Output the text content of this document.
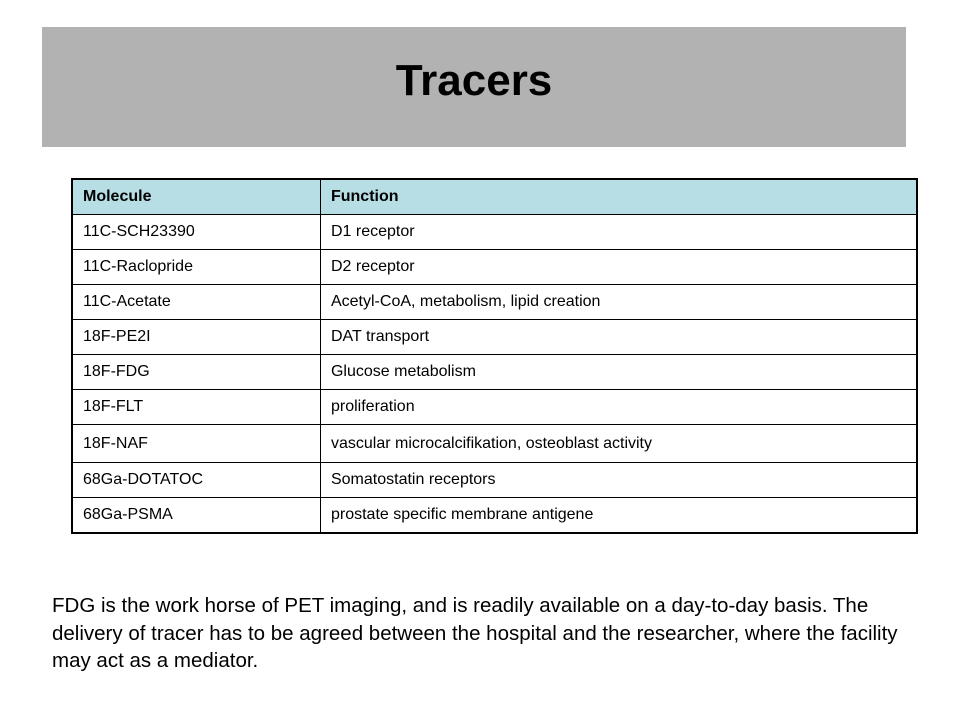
Tracers
Molecule	Function
11C-SCH23390	D1 receptor
11C-Raclopride	D2 receptor
11C-Acetate	Acetyl-CoA, metabolism, lipid creation
18F-PE2I	DAT transport
18F-FDG	Glucose metabolism
18F-FLT	proliferation
18F-NAF	vascular microcalcifikation, osteoblast activity
68Ga-DOTATOC	Somatostatin receptors
68Ga-PSMA	prostate specific membrane antigene

FDG is the work horse of PET imaging, and is readily available on a day-to-day basis. The delivery of tracer has to be agreed between the hospital and the researcher, where the facility may act as a mediator.
